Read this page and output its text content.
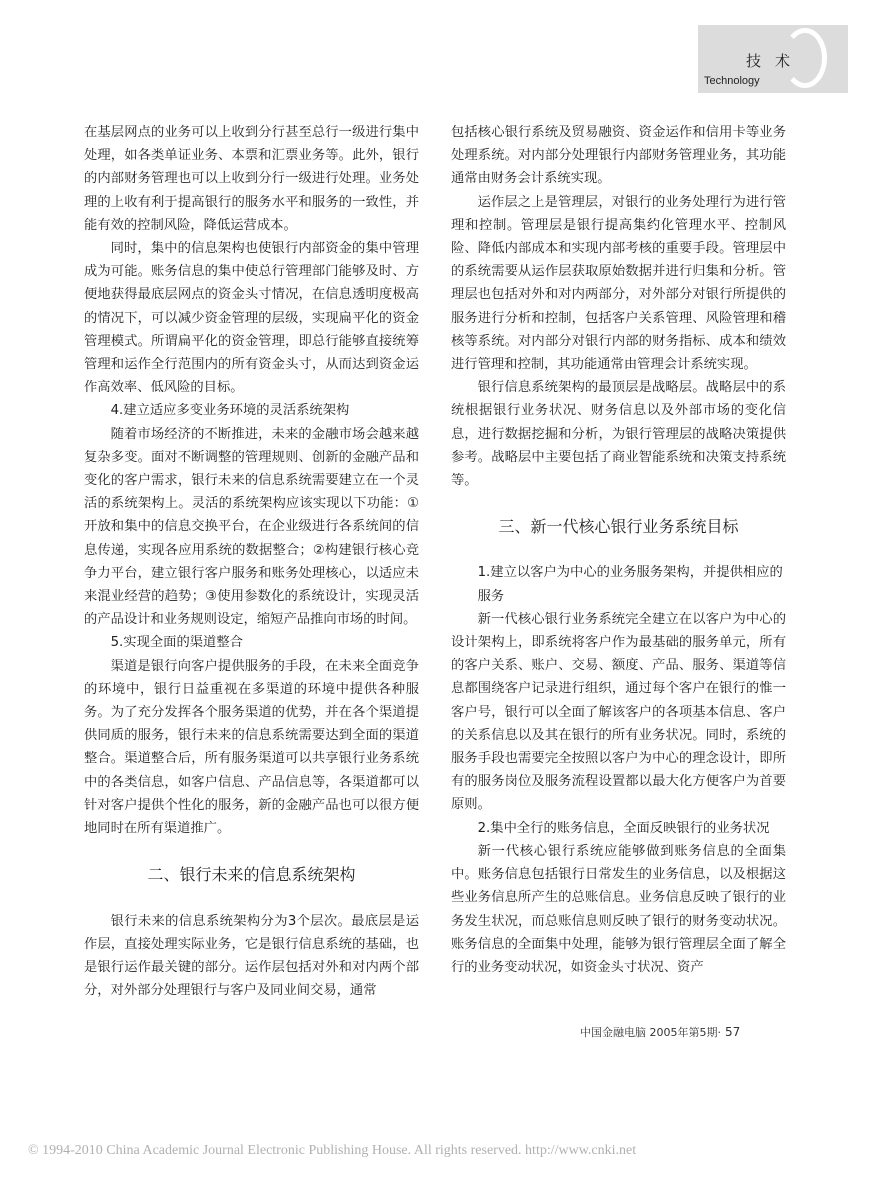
技术
Technology

在基层网点的业务可以上收到分行甚至总行一级进行集中处理，如各类单证业务、本票和汇票业务等。此外，银行的内部财务管理也可以上收到分行一级进行处理。业务处理的上收有利于提高银行的服务水平和服务的一致性，并能有效的控制风险，降低运营成本。

同时，集中的信息架构也使银行内部资金的集中管理成为可能。账务信息的集中使总行管理部门能够及时、方便地获得最底层网点的资金头寸情况，在信息透明度极高的情况下，可以减少资金管理的层级，实现扁平化的资金管理模式。所谓扁平化的资金管理，即总行能够直接统筹管理和运作全行范围内的所有资金头寸，从而达到资金运作高效率、低风险的目标。

4.建立适应多变业务环境的灵活系统架构

随着市场经济的不断推进，未来的金融市场会越来越复杂多变。面对不断调整的管理规则、创新的金融产品和变化的客户需求，银行未来的信息系统需要建立在一个灵活的系统架构上。灵活的系统架构应该实现以下功能：①开放和集中的信息交换平台，在企业级进行各系统间的信息传递，实现各应用系统的数据整合；②构建银行核心竞争力平台，建立银行客户服务和账务处理核心，以适应未来混业经营的趋势；③使用参数化的系统设计，实现灵活的产品设计和业务规则设定，缩短产品推向市场的时间。

5.实现全面的渠道整合

渠道是银行向客户提供服务的手段，在未来全面竞争的环境中，银行日益重视在多渠道的环境中提供各种服务。为了充分发挥各个服务渠道的优势，并在各个渠道提供同质的服务，银行未来的信息系统需要达到全面的渠道整合。渠道整合后，所有服务渠道可以共享银行业务系统中的各类信息，如客户信息、产品信息等，各渠道都可以针对客户提供个性化的服务，新的金融产品也可以很方便地同时在所有渠道推广。

二、银行未来的信息系统架构

银行未来的信息系统架构分为3个层次。最底层是运作层，直接处理实际业务，它是银行信息系统的基础，也是银行运作最关键的部分。运作层包括对外和对内两个部分，对外部分处理银行与客户及同业间交易，通常

包括核心银行系统及贸易融资、资金运作和信用卡等业务处理系统。对内部分处理银行内部财务管理业务，其功能通常由财务会计系统实现。

运作层之上是管理层，对银行的业务处理行为进行管理和控制。管理层是银行提高集约化管理水平、控制风险、降低内部成本和实现内部考核的重要手段。管理层中的系统需要从运作层获取原始数据并进行归集和分析。管理层也包括对外和对内两部分，对外部分对银行所提供的服务进行分析和控制，包括客户关系管理、风险管理和稽核等系统。对内部分对银行内部的财务指标、成本和绩效进行管理和控制，其功能通常由管理会计系统实现。

银行信息系统架构的最顶层是战略层。战略层中的系统根据银行业务状况、财务信息以及外部市场的变化信息，进行数据挖掘和分析，为银行管理层的战略决策提供参考。战略层中主要包括了商业智能系统和决策支持系统等。

三、新一代核心银行业务系统目标
1.建立以客户为中心的业务服务架构，并提供相应的服务

新一代核心银行业务系统完全建立在以客户为中心的设计架构上，即系统将客户作为最基础的服务单元，所有的客户关系、账户、交易、额度、产品、服务、渠道等信息都围绕客户记录进行组织，通过每个客户在银行的惟一客户号，银行可以全面了解该客户的各项基本信息、客户的关系信息以及其在银行的所有业务状况。同时，系统的服务手段也需要完全按照以客户为中心的理念设计，即所有的服务岗位及服务流程设置都以最大化方便客户为首要原则。

2.集中全行的账务信息，全面反映银行的业务状况

新一代核心银行系统应能够做到账务信息的全面集中。账务信息包括银行日常发生的业务信息，以及根据这些业务信息所产生的总账信息。业务信息反映了银行的业务发生状况，而总账信息则反映了银行的财务变动状况。账务信息的全面集中处理，能够为银行管理层全面了解全行的业务变动状况，如资金头寸状况、资产

中国金融电脑 2005年第5期· 57
© 1994-2010 China Academic Journal Electronic Publishing House. All rights reserved. http://www.cnki.net
